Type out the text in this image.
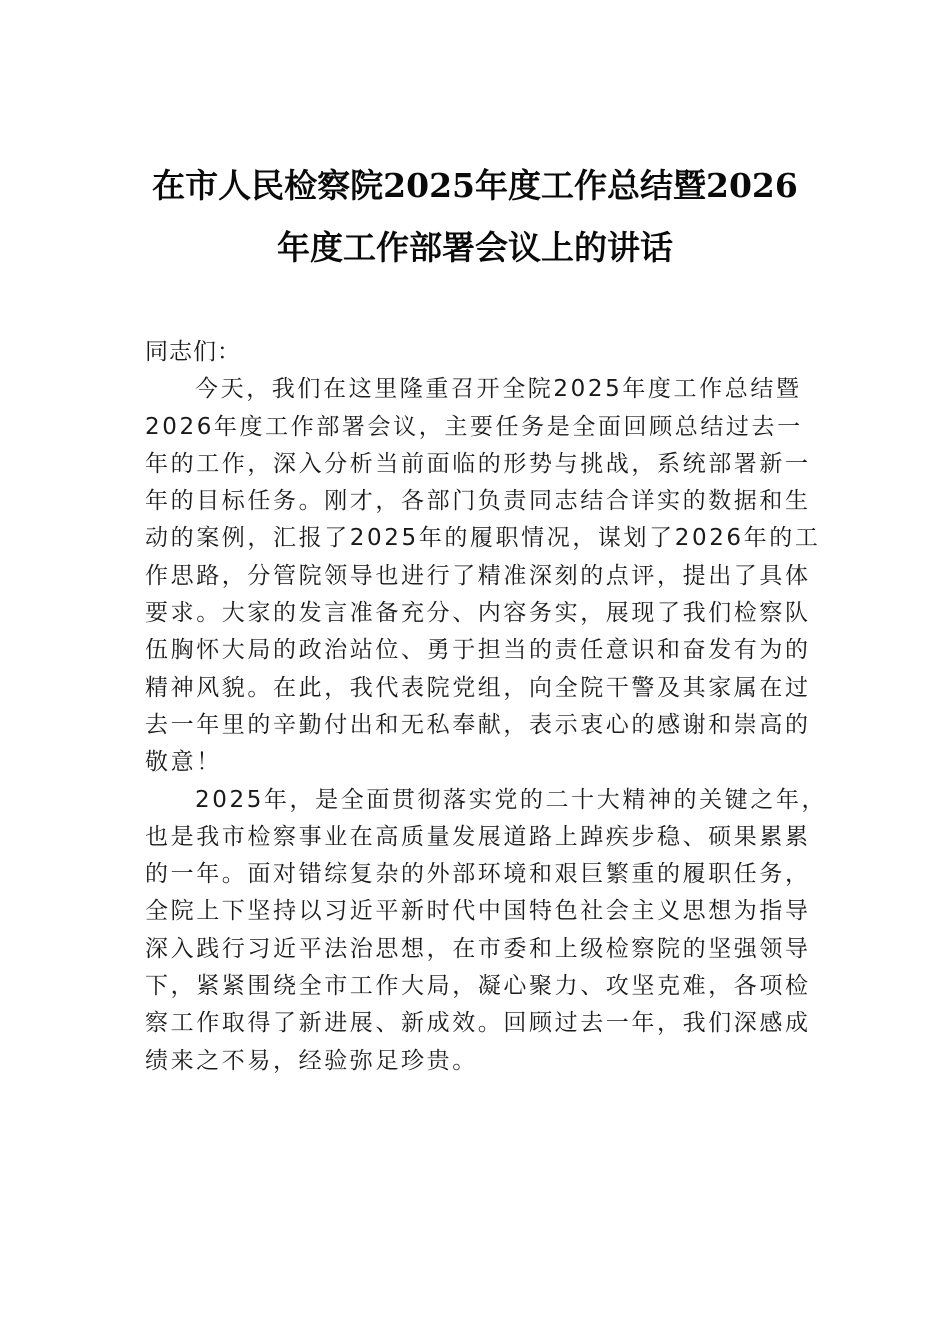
在市人民检察院2025年度工作总结暨2026
年度工作部署会议上的讲话
同志们：
今天，我们在这里隆重召开全院2025年度工作总结暨
2026年度工作部署会议，主要任务是全面回顾总结过去一
年的工作，深入分析当前面临的形势与挑战，系统部署新一
年的目标任务。刚才，各部门负责同志结合详实的数据和生
动的案例，汇报了2025年的履职情况，谋划了2026年的工
作思路，分管院领导也进行了精准深刻的点评，提出了具体
要求。大家的发言准备充分、内容务实，展现了我们检察队
伍胸怀大局的政治站位、勇于担当的责任意识和奋发有为的
精神风貌。在此，我代表院党组，向全院干警及其家属在过
去一年里的辛勤付出和无私奉献，表示衷心的感谢和崇高的
敬意！
2025年，是全面贯彻落实党的二十大精神的关键之年，
也是我市检察事业在高质量发展道路上踔疾步稳、硕果累累
的一年。面对错综复杂的外部环境和艰巨繁重的履职任务，
全院上下坚持以习近平新时代中国特色社会主义思想为指导
深入践行习近平法治思想，在市委和上级检察院的坚强领导
下，紧紧围绕全市工作大局，凝心聚力、攻坚克难，各项检
察工作取得了新进展、新成效。回顾过去一年，我们深感成
绩来之不易，经验弥足珍贵。
